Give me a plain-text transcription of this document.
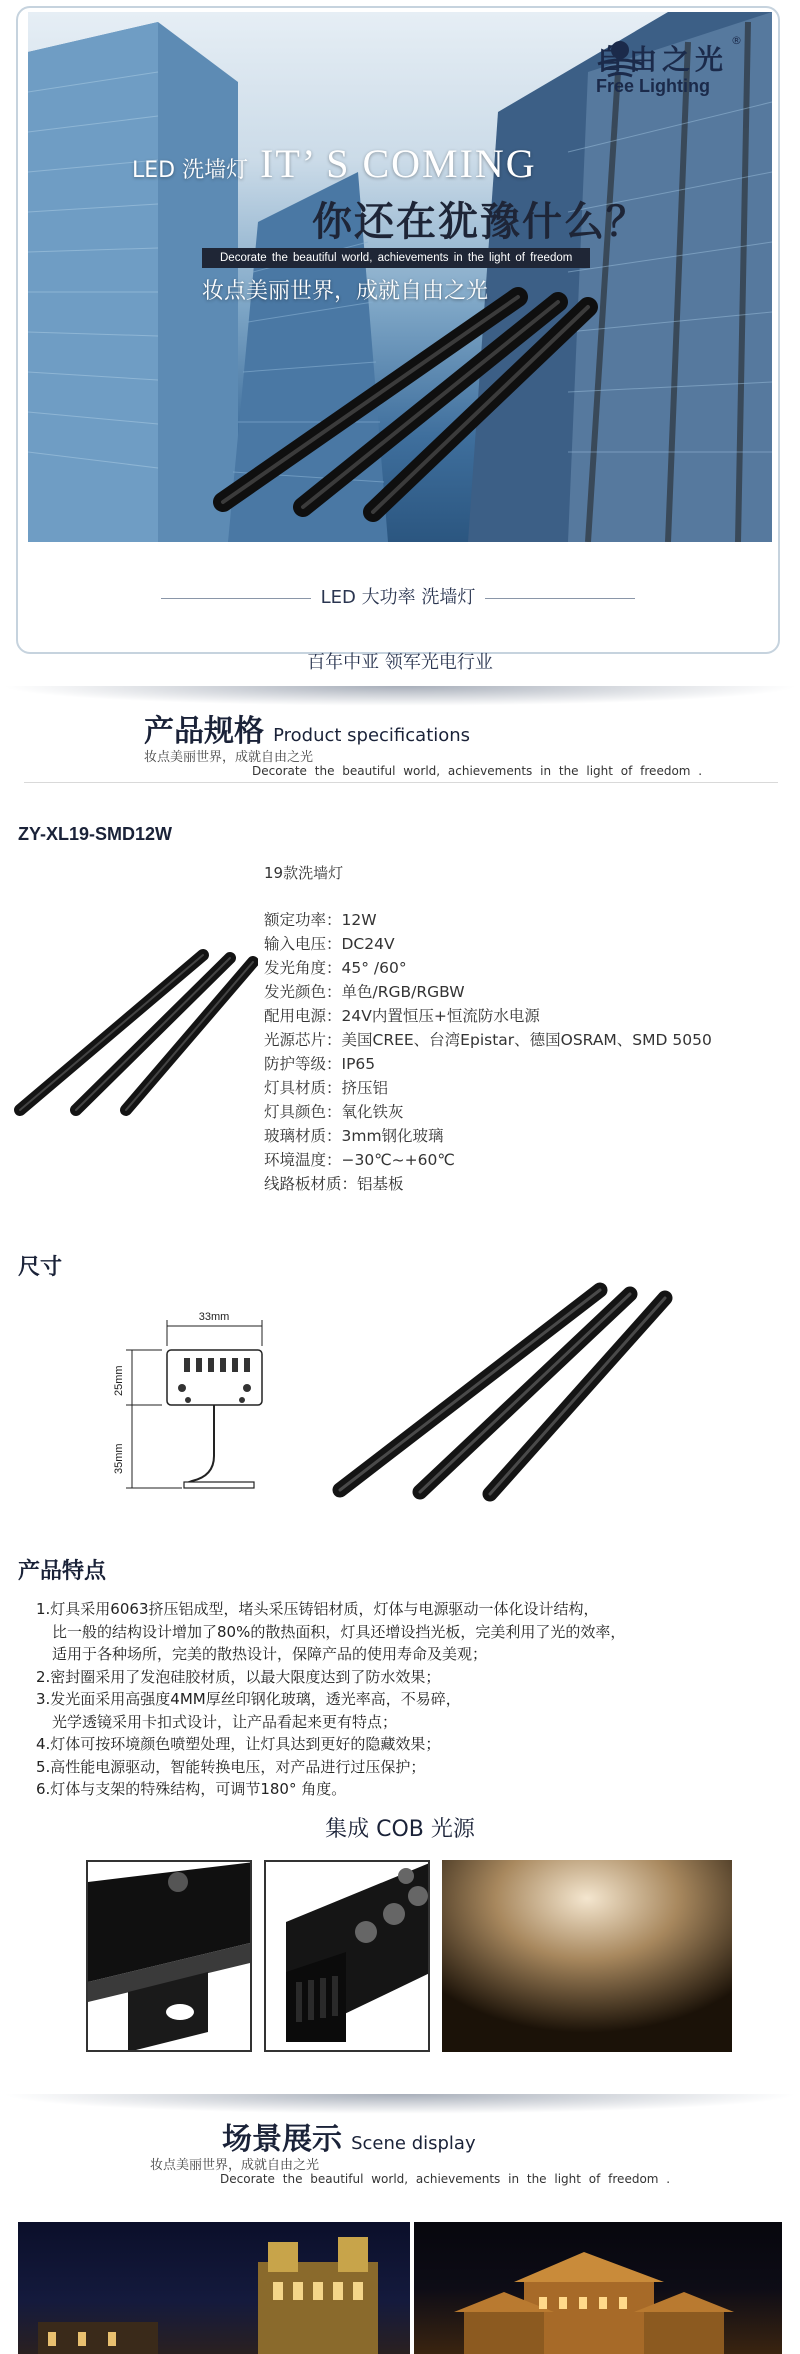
自由之光
Free Lighting
®
LED 洗墙灯 IT’ S COMING
你还在犹豫什么？
Decorate the beautiful world, achievements in the light of freedom
妆点美丽世界，成就自由之光
LED 大功率 洗墙灯
百年中亚 领军光电行业
产品规格 Product specifications
妆点美丽世界，成就自由之光
Decorate the beautiful world, achievements in the light of freedom .
ZY-XL19-SMD12W
19款洗墙灯
额定功率：12W
输入电压：DC24V
发光角度：45° /60°
发光颜色：单色/RGB/RGBW
配用电源：24V内置恒压+恒流防水电源
光源芯片：美国CREE、台湾Epistar、德国OSRAM、SMD 5050
防护等级：IP65
灯具材质：挤压铝
灯具颜色：氧化铁灰
玻璃材质：3mm钢化玻璃
环境温度：−30℃~+60℃
线路板材质：铝基板
尺寸
33mm
25mm
35mm
产品特点
1.灯具采用6063挤压铝成型，堵头采压铸铝材质，灯体与电源驱动一体化设计结构，
比一般的结构设计增加了80%的散热面积，灯具还增设挡光板，完美利用了光的效率，
适用于各种场所，完美的散热设计，保障产品的使用寿命及美观；
2.密封圈采用了发泡硅胶材质，以最大限度达到了防水效果；
3.发光面采用高强度4MM厚丝印钢化玻璃，透光率高，不易碎，
光学透镜采用卡扣式设计，让产品看起来更有特点；
4.灯体可按环境颜色喷塑处理，让灯具达到更好的隐藏效果；
5.高性能电源驱动，智能转换电压，对产品进行过压保护；
6.灯体与支架的特殊结构，可调节180° 角度。
集成 COB 光源
场景展示 Scene display
妆点美丽世界，成就自由之光
Decorate the beautiful world, achievements in the light of freedom .
